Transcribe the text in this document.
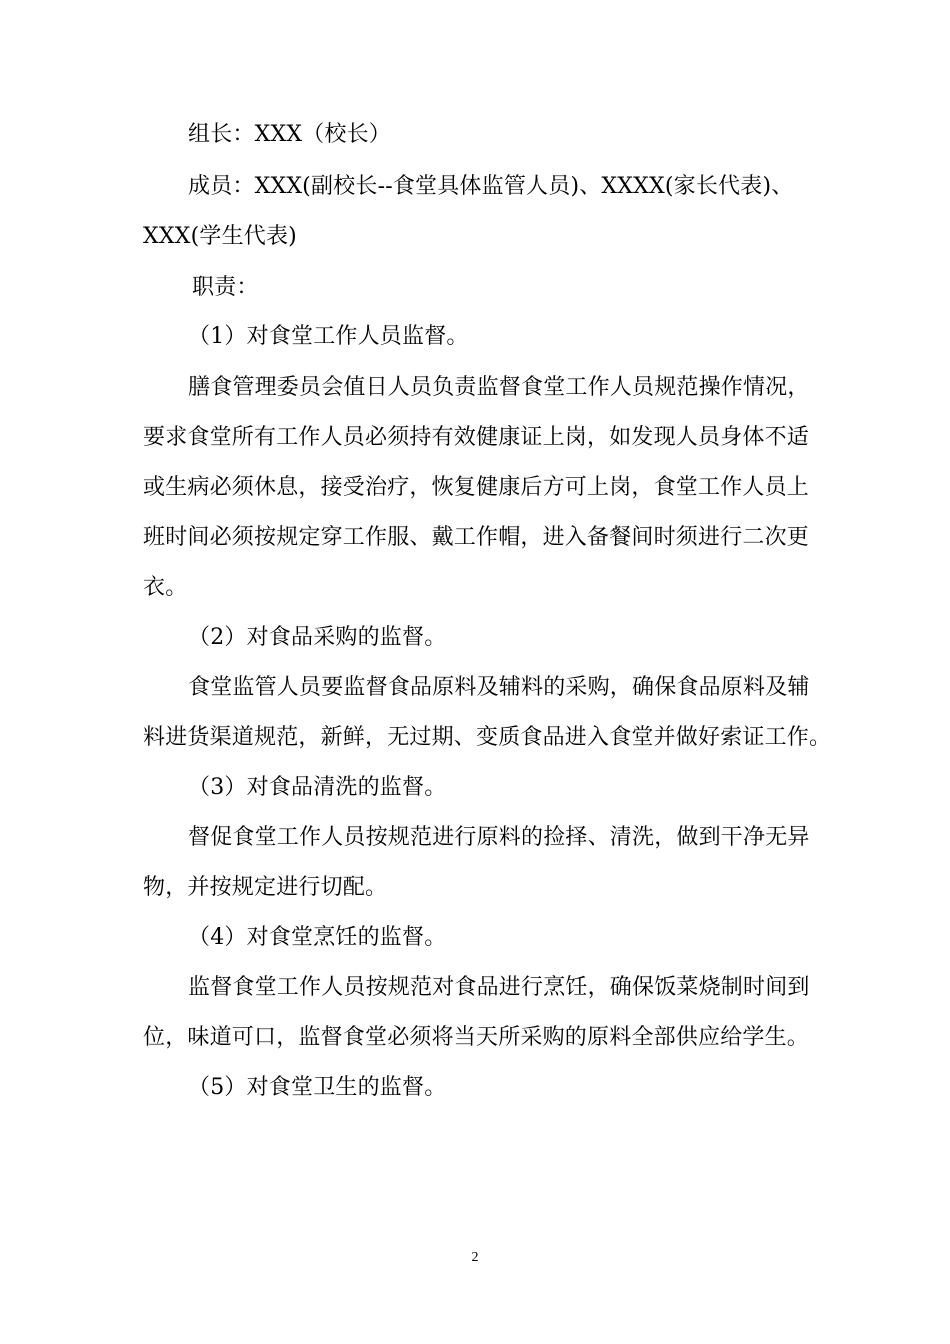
组长：XXX（校长）
成员：XXX(副校长--食堂具体监管人员)、XXXX(家长代表)、
XXX(学生代表)
职责：
（1）对食堂工作人员监督。
膳食管理委员会值日人员负责监督食堂工作人员规范操作情况，
要求食堂所有工作人员必须持有效健康证上岗，如发现人员身体不适
或生病必须休息，接受治疗，恢复健康后方可上岗，食堂工作人员上
班时间必须按规定穿工作服、戴工作帽，进入备餐间时须进行二次更
衣。
（2）对食品采购的监督。
食堂监管人员要监督食品原料及辅料的采购，确保食品原料及辅
料进货渠道规范，新鲜，无过期、变质食品进入食堂并做好索证工作。
（3）对食品清洗的监督。
督促食堂工作人员按规范进行原料的捡择、清洗，做到干净无异
物，并按规定进行切配。
（4）对食堂烹饪的监督。
监督食堂工作人员按规范对食品进行烹饪，确保饭菜烧制时间到
位，味道可口，监督食堂必须将当天所采购的原料全部供应给学生。
（5）对食堂卫生的监督。
2
